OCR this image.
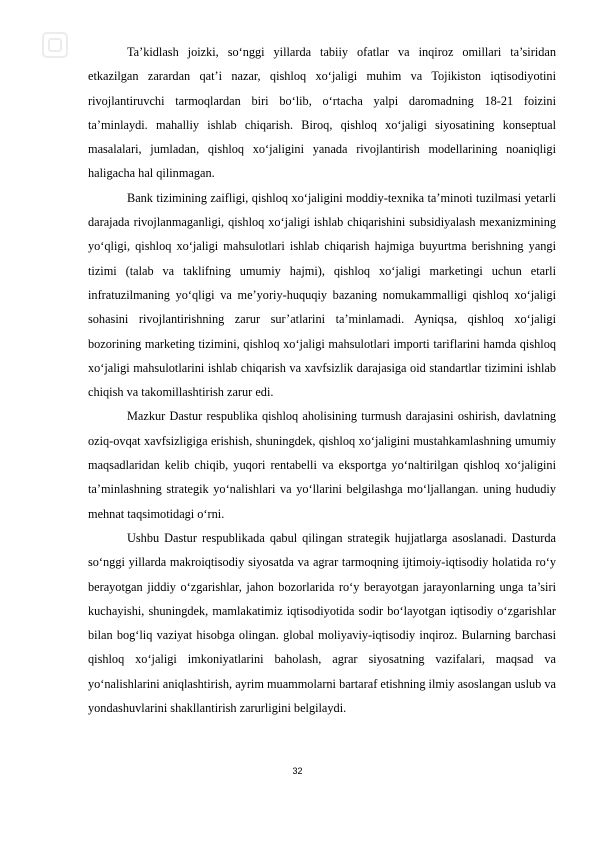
Ta’kidlash joizki, so‘nggi yillarda tabiiy ofatlar va inqiroz omillari ta’siridan etkazilgan zarardan qat’i nazar, qishloq xo‘jaligi muhim va Tojikiston iqtisodiyotini rivojlantiruvchi tarmoqlardan biri bo‘lib, o‘rtacha yalpi daromadning 18-21 foizini ta’minlaydi. mahalliy ishlab chiqarish. Biroq, qishloq xo‘jaligi siyosatining konseptual masalalari, jumladan, qishloq xo‘jaligini yanada rivojlantirish modellarining noaniqligi haligacha hal qilinmagan.

Bank tizimining zaifligi, qishloq xo‘jaligini moddiy-texnika ta’minoti tuzilmasi yetarli darajada rivojlanmaganligi, qishloq xo‘jaligi ishlab chiqarishini subsidiyalash mexanizmining yo‘qligi, qishloq xo‘jaligi mahsulotlari ishlab chiqarish hajmiga buyurtma berishning yangi tizimi (talab va taklifning umumiy hajmi), qishloq xo‘jaligi marketingi uchun etarli infratuzilmaning yo‘qligi va me’yoriy-huquqiy bazaning nomukammalligi qishloq xo‘jaligi sohasini rivojlantirishning zarur sur’atlarini ta’minlamadi. Ayniqsa, qishloq xo‘jaligi bozorining marketing tizimini, qishloq xo‘jaligi mahsulotlari importi tariflarini hamda qishloq xo‘jaligi mahsulotlarini ishlab chiqarish va xavfsizlik darajasiga oid standartlar tizimini ishlab chiqish va takomillashtirish zarur edi.

Mazkur Dastur respublika qishloq aholisining turmush darajasini oshirish, davlatning oziq-ovqat xavfsizligiga erishish, shuningdek, qishloq xo‘jaligini mustahkamlashning umumiy maqsadlaridan kelib chiqib, yuqori rentabelli va eksportga yo‘naltirilgan qishloq xo‘jaligini ta’minlashning strategik yo‘nalishlari va yo‘llarini belgilashga mo‘ljallangan. uning hududiy mehnat taqsimotidagi o‘rni.

Ushbu Dastur respublikada qabul qilingan strategik hujjatlarga asoslanadi. Dasturda so‘nggi yillarda makroiqtisodiy siyosatda va agrar tarmoqning ijtimoiy-iqtisodiy holatida ro‘y berayotgan jiddiy o‘zgarishlar, jahon bozorlarida ro‘y berayotgan jarayonlarning unga ta’siri kuchayishi, shuningdek, mamlakatimiz iqtisodiyotida sodir bo‘layotgan iqtisodiy o‘zgarishlar bilan bog‘liq vaziyat hisobga olingan. global moliyaviy-iqtisodiy inqiroz. Bularning barchasi qishloq xo‘jaligi imkoniyatlarini baholash, agrar siyosatning vazifalari, maqsad va yo‘nalishlarini aniqlashtirish, ayrim muammolarni bartaraf etishning ilmiy asoslangan uslub va yondashuvlarini shakllantirish zarurligini belgilaydi.

32
